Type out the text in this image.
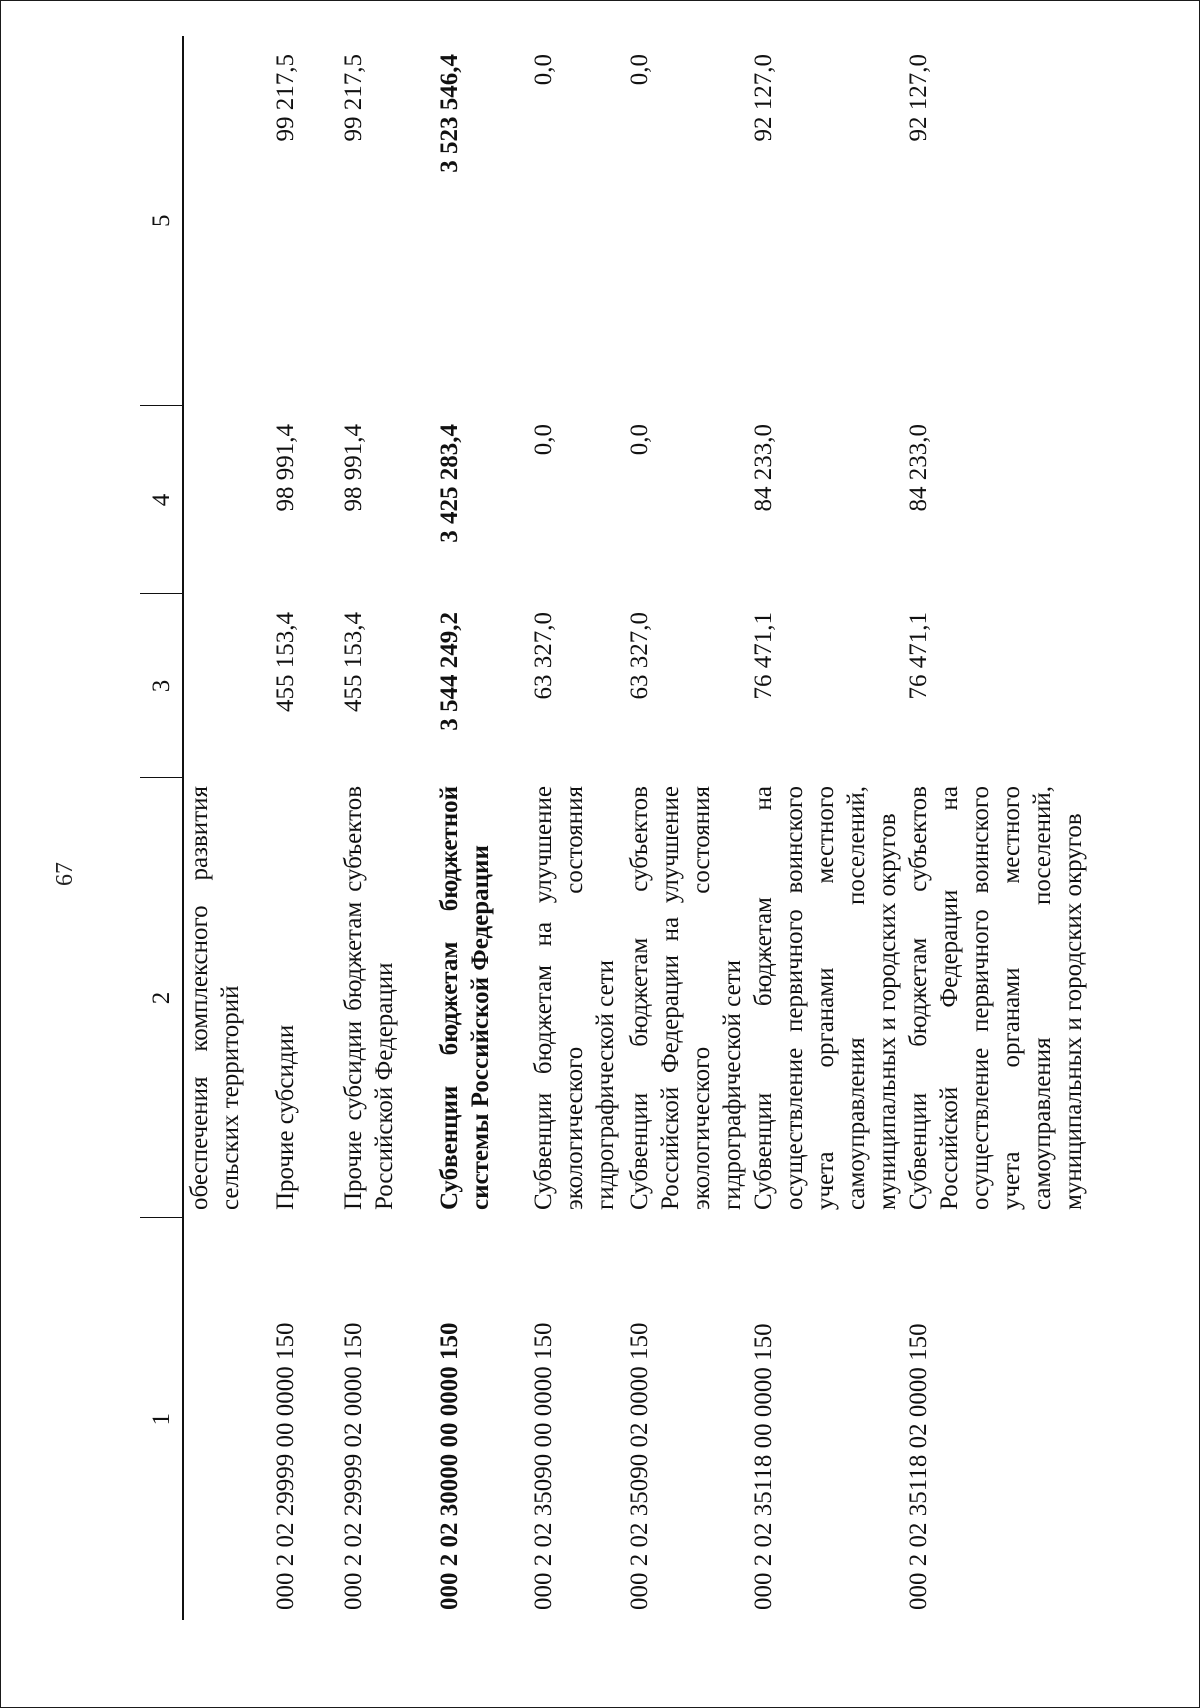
67
1	2	3	4	5
	обеспечения комплексного развития сельских территорий			
000 2 02 29999 00 0000 150	Прочие субсидии	455 153,4	98 991,4	99 217,5
000 2 02 29999 02 0000 150	Прочие субсидии бюджетам субъектов Российской Федерации	455 153,4	98 991,4	99 217,5
000 2 02 30000 00 0000 150	Субвенции бюджетам бюджетной системы Российской Федерации	3 544 249,2	3 425 283,4	3 523 546,4
000 2 02 35090 00 0000 150	Субвенции бюджетам на улучшение экологического состояния гидрографической сети	63 327,0	0,0	0,0
000 2 02 35090 02 0000 150	Субвенции бюджетам субъектов Российской Федерации на улучшение экологического состояния гидрографической сети	63 327,0	0,0	0,0
000 2 02 35118 00 0000 150	Субвенции бюджетам на осуществление первичного воинского учета органами местного самоуправления поселений, муниципальных и городских округов	76 471,1	84 233,0	92 127,0
000 2 02 35118 02 0000 150	Субвенции бюджетам субъектов Российской Федерации на осуществление первичного воинского учета органами местного самоуправления поселений, муниципальных и городских округов	76 471,1	84 233,0	92 127,0
